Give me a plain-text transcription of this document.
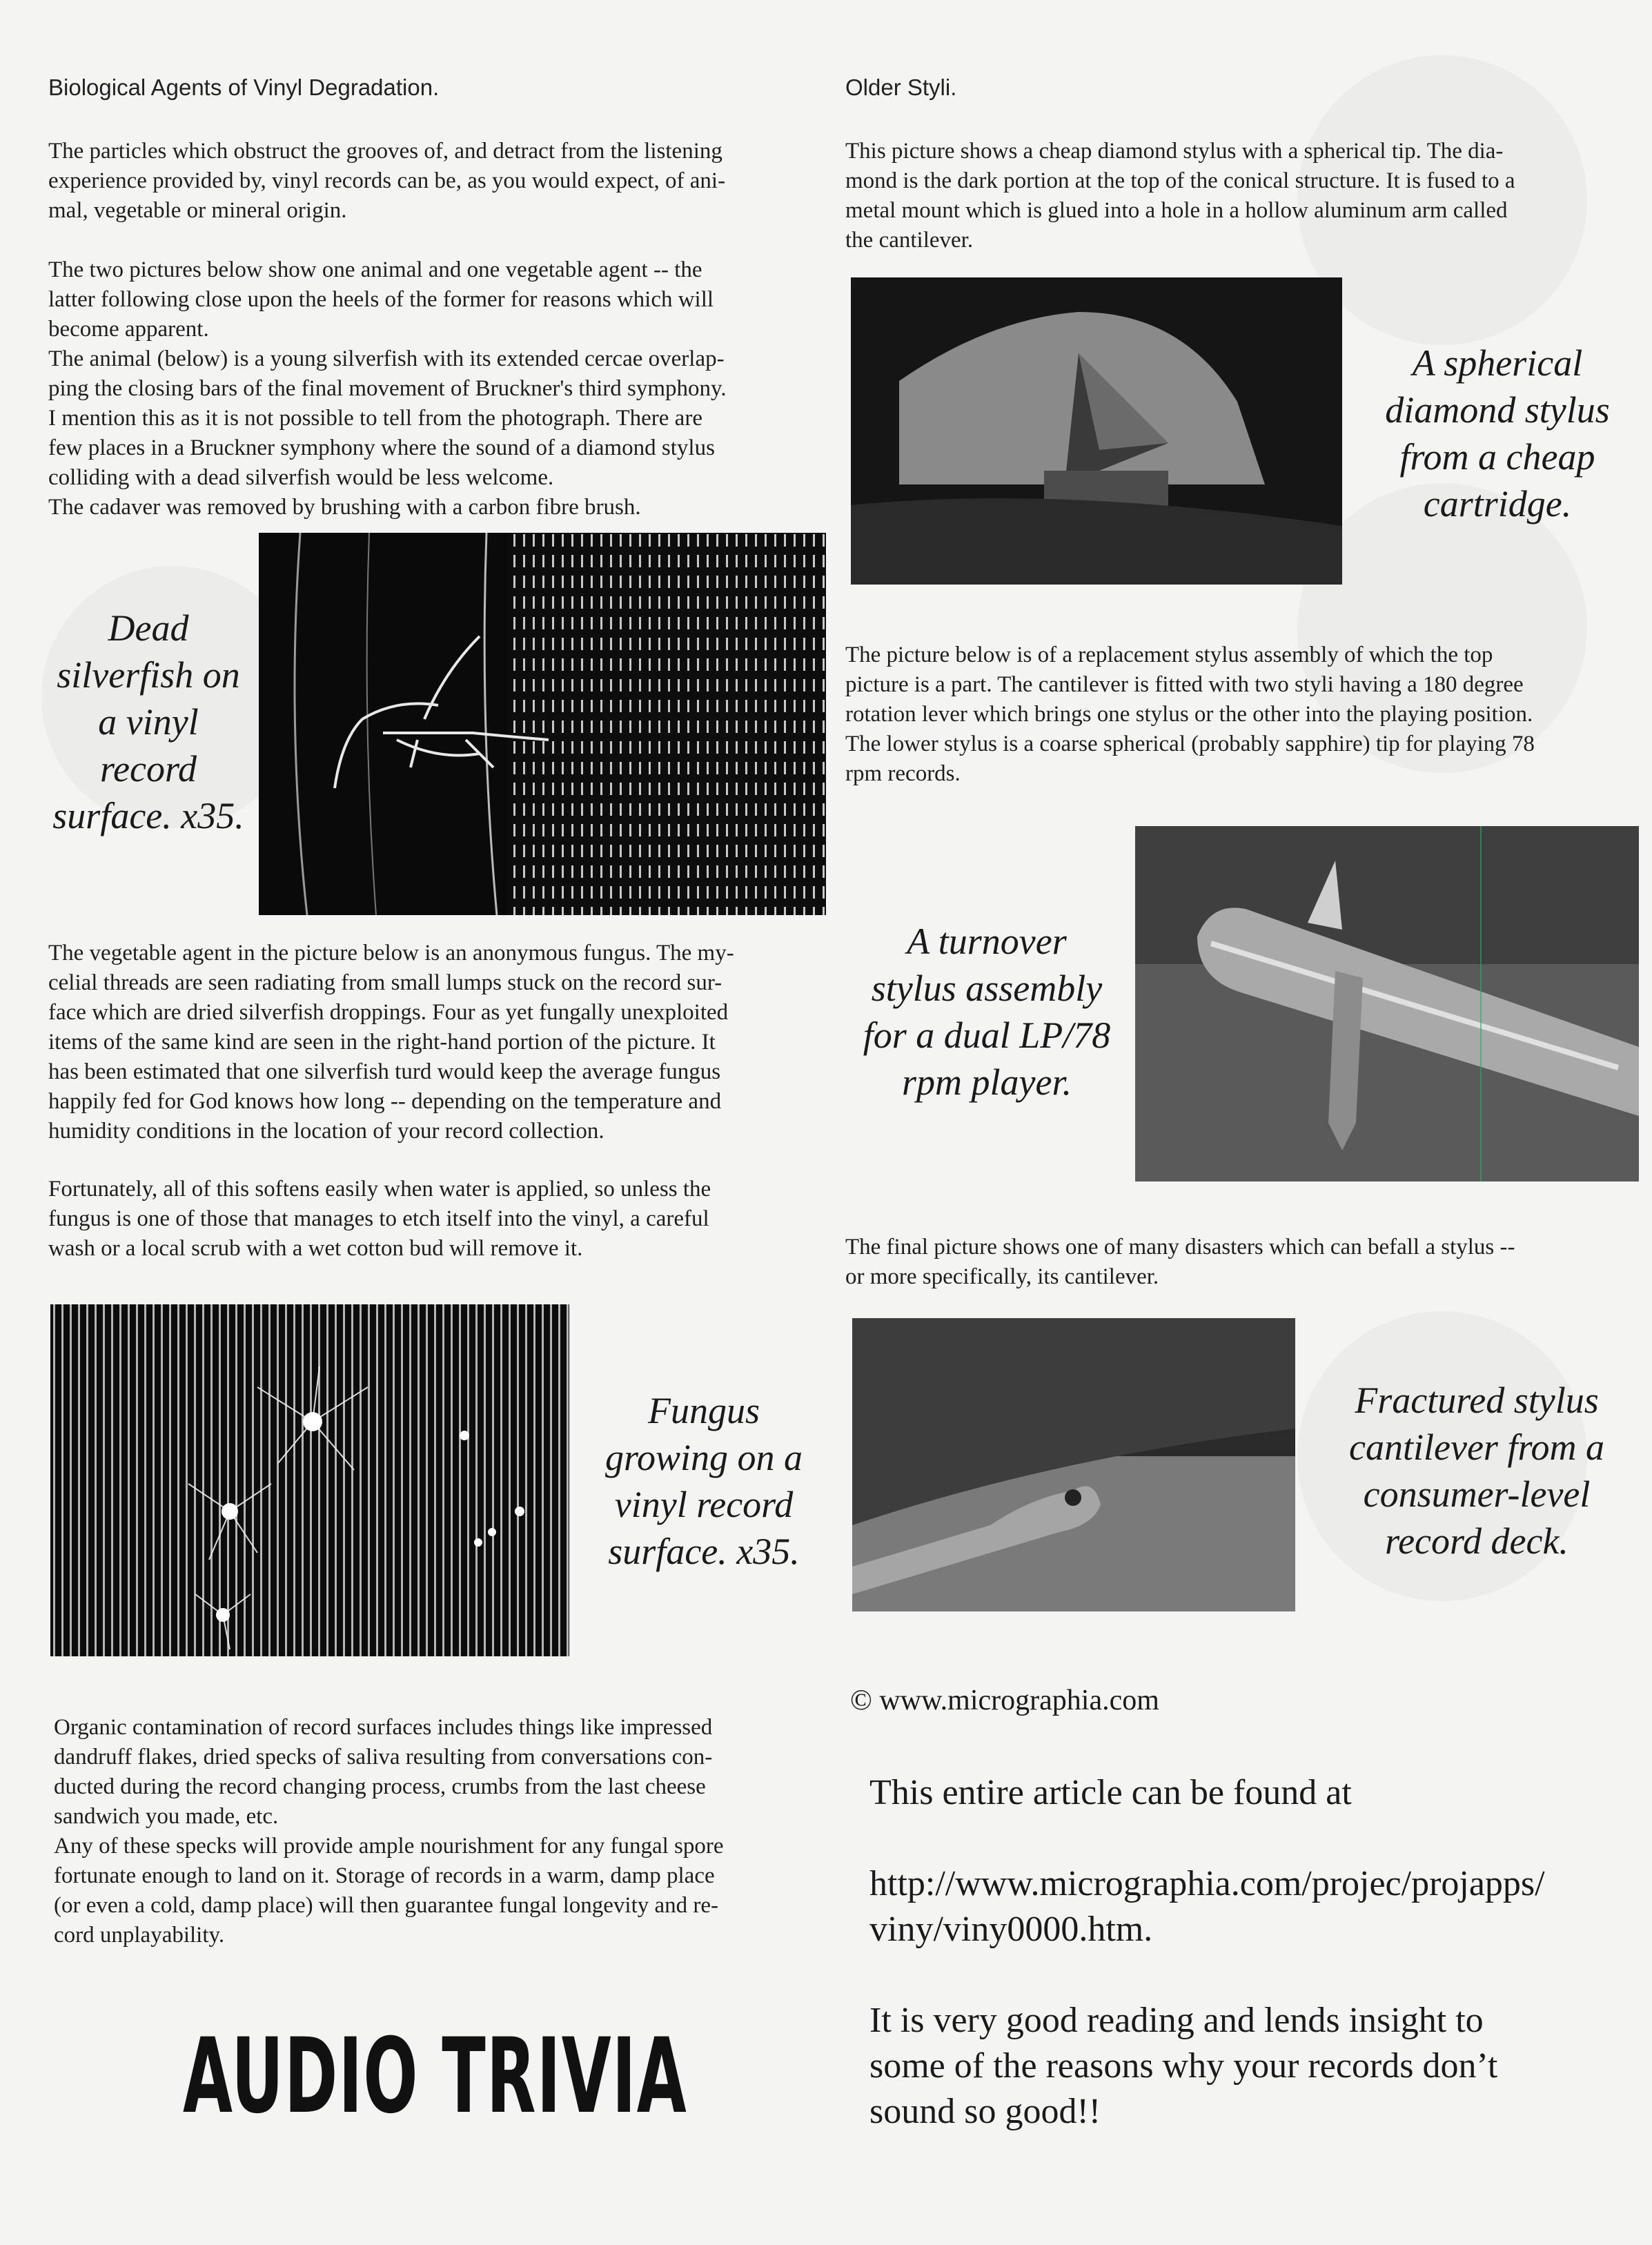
Biological Agents of Vinyl Degradation.
The particles which obstruct the grooves of, and detract from the listening
experience provided by, vinyl records can be, as you would expect, of ani-
mal, vegetable or mineral origin.
The two pictures below show one animal and one vegetable agent -- the
latter following close upon the heels of the former for reasons which will
become apparent.
The animal (below) is a young silverfish with its extended cercae overlap-
ping the closing bars of the final movement of Bruckner's third symphony.
I mention this as it is not possible to tell from the photograph. There are
few places in a Bruckner symphony where the sound of a diamond stylus
colliding with a dead silverfish would be less welcome.
The cadaver was removed by brushing with a carbon fibre brush.
Dead
silverfish on
a vinyl
record
surface. x35.
The vegetable agent in the picture below is an anonymous fungus. The my-
celial threads are seen radiating from small lumps stuck on the record sur-
face which are dried silverfish droppings. Four as yet fungally unexploited
items of the same kind are seen in the right-hand portion of the picture. It
has been estimated that one silverfish turd would keep the average fungus
happily fed for God knows how long -- depending on the temperature and
humidity conditions in the location of your record collection.
Fortunately, all of this softens easily when water is applied, so unless the
fungus is one of those that manages to etch itself into the vinyl, a careful
wash or a local scrub with a wet cotton bud will remove it.
Fungus
growing on a
vinyl record
surface. x35.
Organic contamination of record surfaces includes things like impressed
dandruff flakes, dried specks of saliva resulting from conversations con-
ducted during the record changing process, crumbs from the last cheese
sandwich you made, etc.
Any of these specks will provide ample nourishment for any fungal spore
fortunate enough to land on it. Storage of records in a warm, damp place
(or even a cold, damp place) will then guarantee fungal longevity and re-
cord unplayability.
AUDIO TRIVIA
Older Styli.
This picture shows a cheap diamond stylus with a spherical tip. The dia-
mond is the dark portion at the top of the conical structure. It is fused to a
metal mount which is glued into a hole in a hollow aluminum arm called
the cantilever.
A spherical
diamond stylus
from a cheap
cartridge.
The picture below is of a replacement stylus assembly of which the top
picture is a part. The cantilever is fitted with two styli having a 180 degree
rotation lever which brings one stylus or the other into the playing position.
The lower stylus is a coarse spherical (probably sapphire) tip for playing 78
rpm records.
A turnover
stylus assembly
for a dual LP/78
rpm player.
The final picture shows one of many disasters which can befall a stylus --
or more specifically, its cantilever.
Fractured stylus
cantilever from a
consumer-level
record deck.
© www.micrographia.com
This entire article can be found at

http://www.micrographia.com/projec/projapps/
viny/viny0000.htm.

It is very good reading and lends insight to
some of the reasons why your records don’t
sound so good!!
